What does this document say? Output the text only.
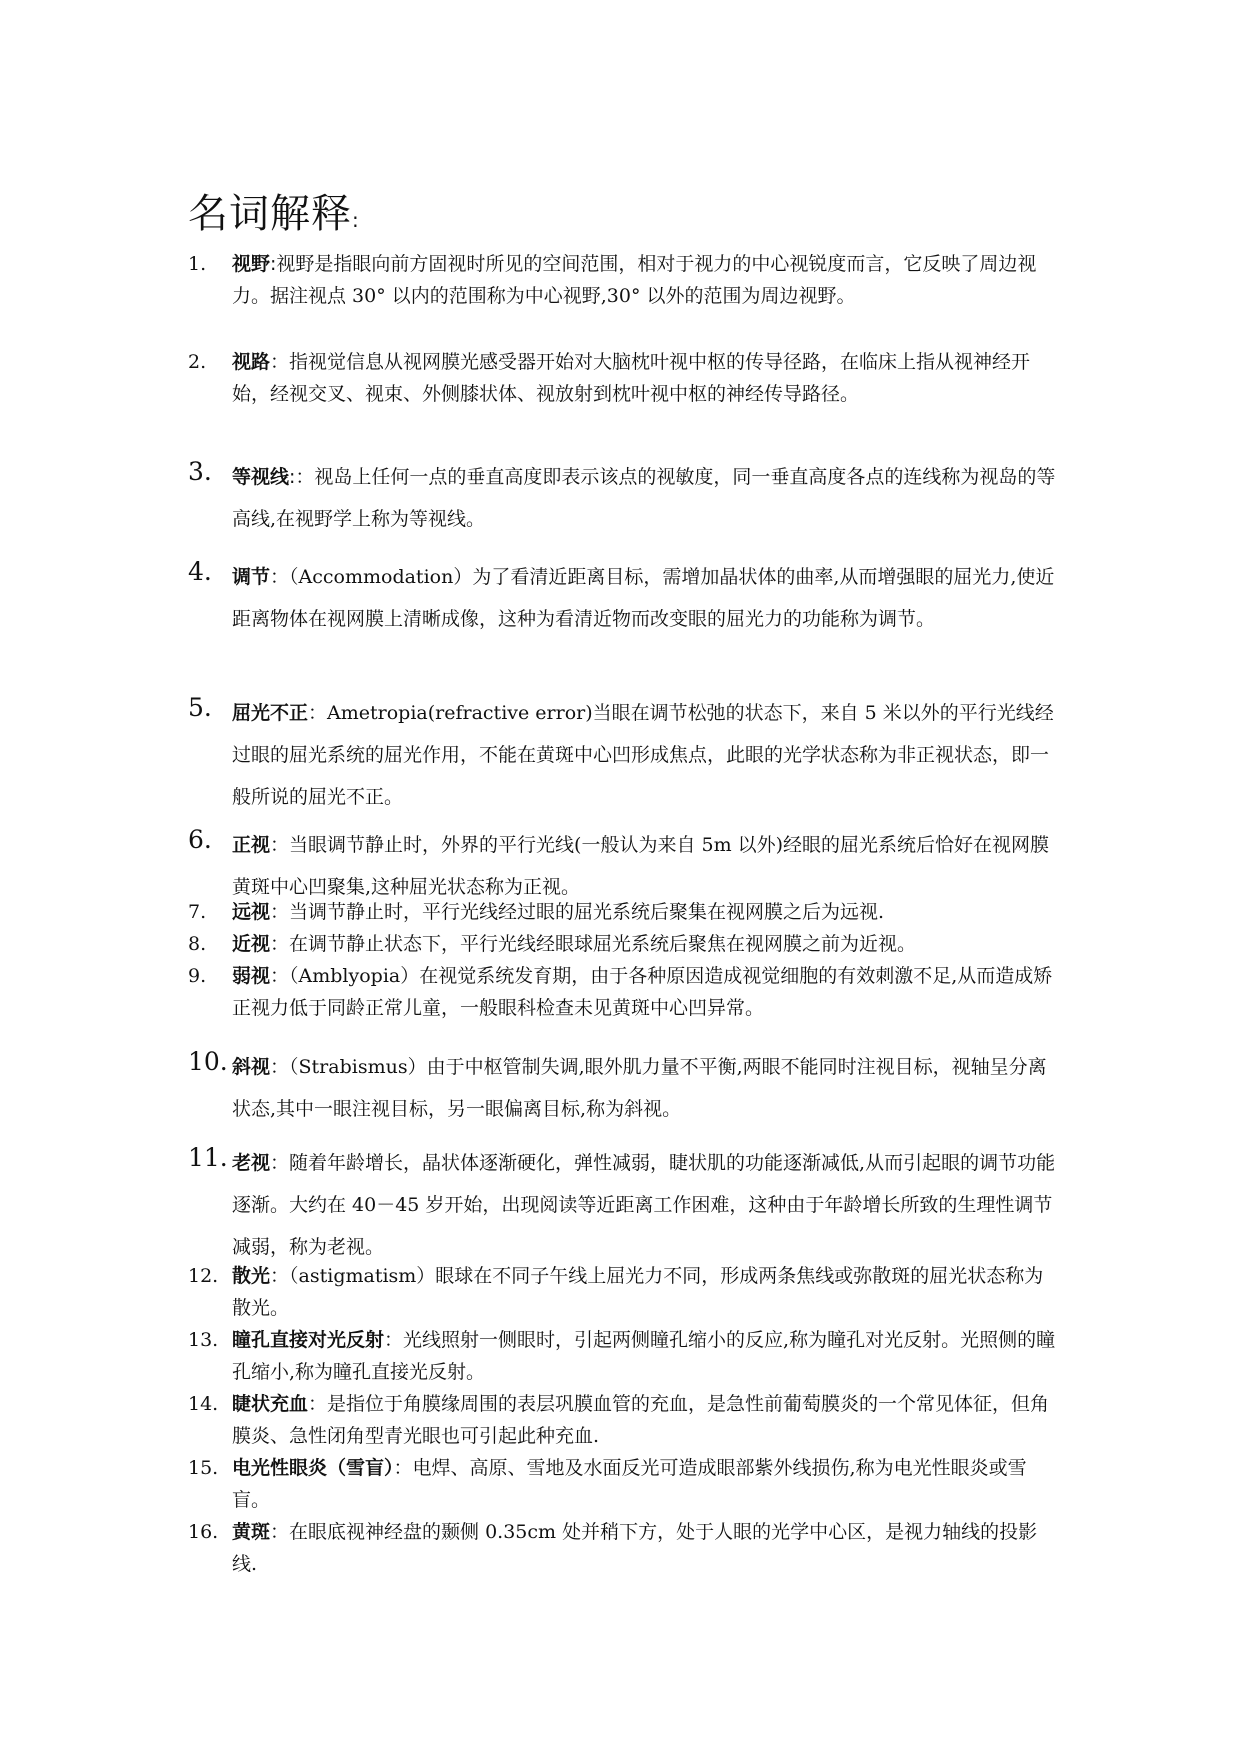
名词解释:
1. 视野:视野是指眼向前方固视时所见的空间范围，相对于视力的中心视锐度而言，它反映了周边视力。据注视点 30° 以内的范围称为中心视野,30° 以外的范围为周边视野。
2. 视路：指视觉信息从视网膜光感受器开始对大脑枕叶视中枢的传导径路，在临床上指从视神经开始，经视交叉、视束、外侧膝状体、视放射到枕叶视中枢的神经传导路径。
3. 等视线:：视岛上任何一点的垂直高度即表示该点的视敏度，同一垂直高度各点的连线称为视岛的等高线,在视野学上称为等视线。
4. 调节：（Accommodation）为了看清近距离目标，需增加晶状体的曲率,从而增强眼的屈光力,使近距离物体在视网膜上清晰成像，这种为看清近物而改变眼的屈光力的功能称为调节。
5. 屈光不正：Ametropia(refractive error)当眼在调节松弛的状态下，来自 5 米以外的平行光线经过眼的屈光系统的屈光作用，不能在黄斑中心凹形成焦点，此眼的光学状态称为非正视状态，即一般所说的屈光不正。
6. 正视：当眼调节静止时，外界的平行光线(一般认为来自 5m 以外)经眼的屈光系统后恰好在视网膜黄斑中心凹聚集,这种屈光状态称为正视。
7. 远视：当调节静止时，平行光线经过眼的屈光系统后聚集在视网膜之后为远视.
8. 近视：在调节静止状态下，平行光线经眼球屈光系统后聚焦在视网膜之前为近视。
9. 弱视：（Amblyopia）在视觉系统发育期，由于各种原因造成视觉细胞的有效刺激不足,从而造成矫正视力低于同龄正常儿童，一般眼科检查未见黄斑中心凹异常。
10. 斜视：（Strabismus）由于中枢管制失调,眼外肌力量不平衡,两眼不能同时注视目标，视轴呈分离状态,其中一眼注视目标，另一眼偏离目标,称为斜视。
11. 老视：随着年龄增长，晶状体逐渐硬化，弹性减弱，睫状肌的功能逐渐减低,从而引起眼的调节功能逐渐。大约在 40－45 岁开始，出现阅读等近距离工作困难，这种由于年龄增长所致的生理性调节减弱，称为老视。
12. 散光：（astigmatism）眼球在不同子午线上屈光力不同，形成两条焦线或弥散斑的屈光状态称为散光。
13. 瞳孔直接对光反射：光线照射一侧眼时，引起两侧瞳孔缩小的反应,称为瞳孔对光反射。光照侧的瞳孔缩小,称为瞳孔直接光反射。
14. 睫状充血：是指位于角膜缘周围的表层巩膜血管的充血，是急性前葡萄膜炎的一个常见体征，但角膜炎、急性闭角型青光眼也可引起此种充血.
15. 电光性眼炎（雪盲）：电焊、高原、雪地及水面反光可造成眼部紫外线损伤,称为电光性眼炎或雪盲。
16. 黄斑：在眼底视神经盘的颞侧 0.35cm 处并稍下方，处于人眼的光学中心区，是视力轴线的投影线.
